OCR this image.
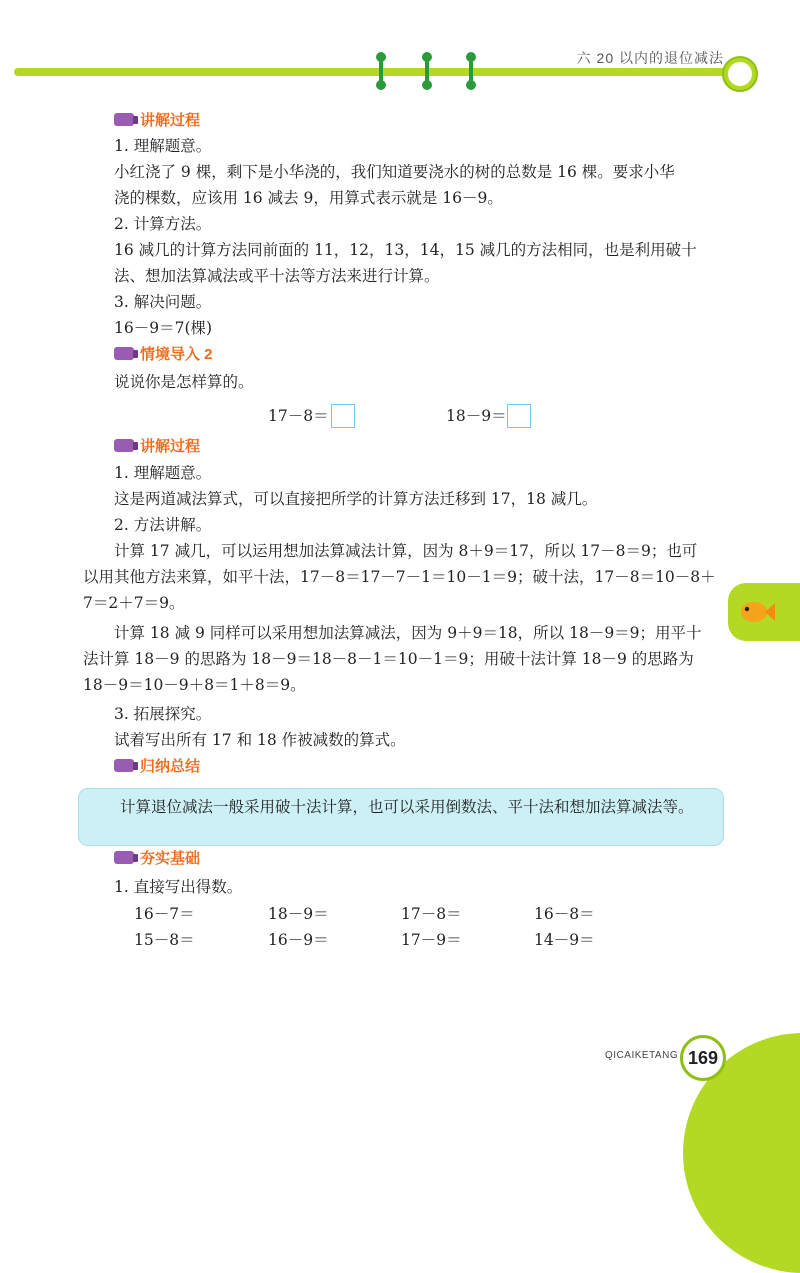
六 20 以内的退位减法
讲解过程
1. 理解题意。
小红浇了 9 棵，剩下是小华浇的，我们知道要浇水的树的总数是 16 棵。要求小华
浇的棵数，应该用 16 减去 9，用算式表示就是 16－9。
2. 计算方法。
16 减几的计算方法同前面的 11，12，13，14，15 减几的方法相同，也是利用破十
法、想加法算减法或平十法等方法来进行计算。
3. 解决问题。
16－9＝7(棵)
情境导入 2
说说你是怎样算的。
17－8＝	18－9＝
讲解过程
1. 理解题意。
这是两道减法算式，可以直接把所学的计算方法迁移到 17，18 减几。
2. 方法讲解。
计算 17 减几，可以运用想加法算减法计算，因为 8＋9＝17，所以 17－8＝9；也可
以用其他方法来算，如平十法，17－8＝17－7－1＝10－1＝9；破十法，17－8＝10－8＋
7＝2＋7＝9。
计算 18 减 9 同样可以采用想加法算减法，因为 9＋9＝18，所以 18－9＝9；用平十
法计算 18－9 的思路为 18－9＝18－8－1＝10－1＝9；用破十法计算 18－9 的思路为
18－9＝10－9＋8＝1＋8＝9。
3. 拓展探究。
试着写出所有 17 和 18 作被减数的算式。
归纳总结
计算退位减法一般采用破十法计算，也可以采用倒数法、平十法和想加法算减法等。
夯实基础
1. 直接写出得数。
16－7＝	18－9＝	17－8＝	16－8＝
15－8＝	16－9＝	17－9＝	14－9＝
QICAIKETANG 169
